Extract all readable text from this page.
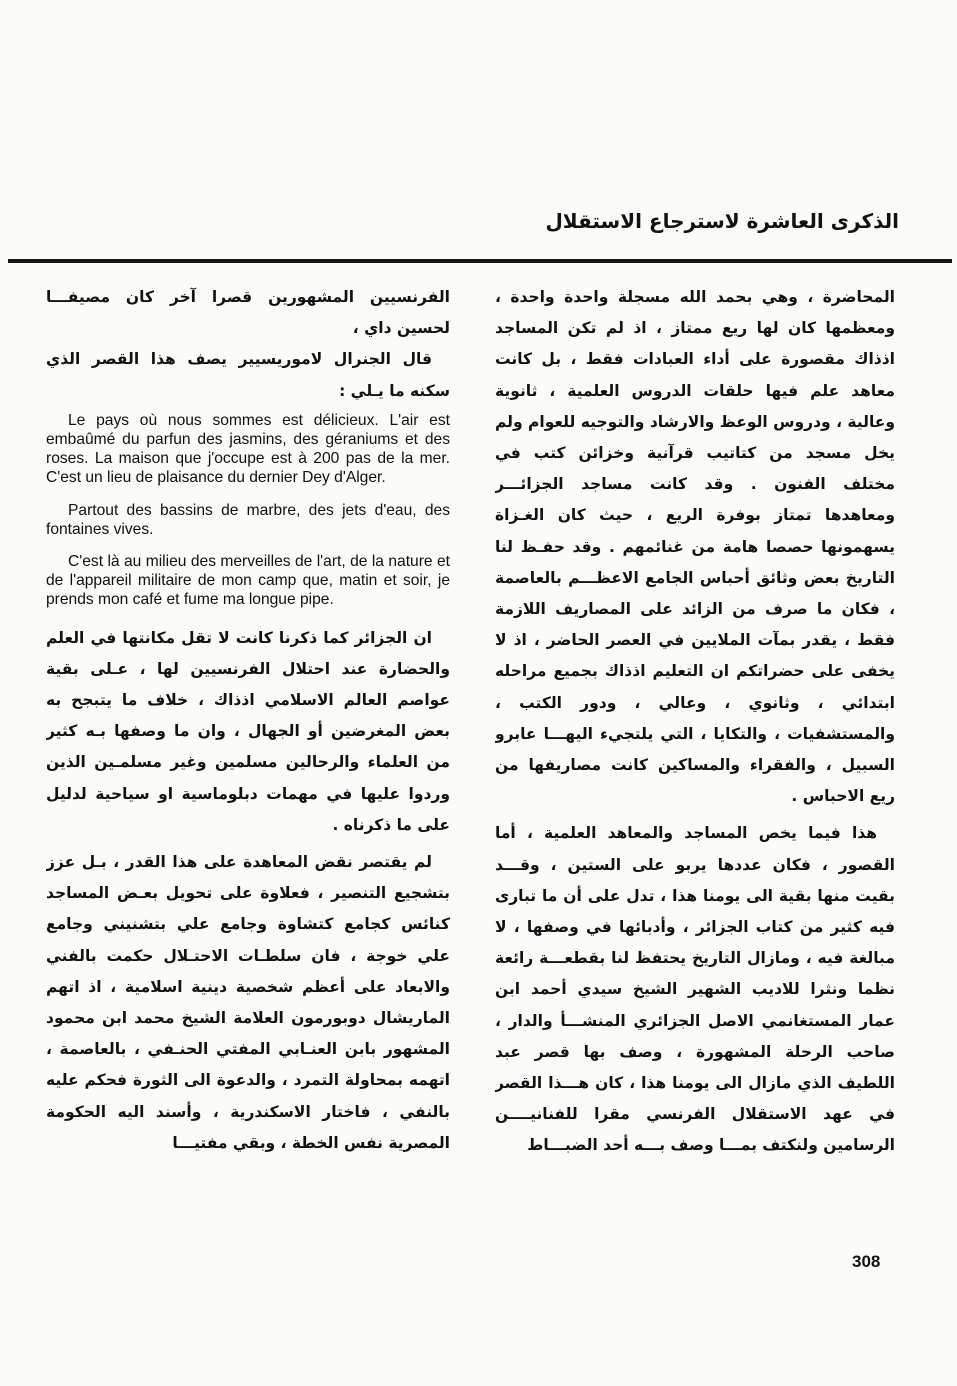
الذكرى العاشرة لاسترجاع الاستقلال

المحاضرة ، وهي بحمد الله مسجلة واحدة واحدة ، ومعظمها كان لها ريع ممتاز ، اذ لم تكن المساجد اذذاك مقصورة على أداء العبادات فقط ، بل كانت معاهد علم فيها حلقات الدروس العلمية ، ثانوية وعالية ، ودروس الوعظ والارشاد والتوجيه للعوام ولم يخل مسجد من كتاتيب قرآنية وخزائن كتب في مختلف الفنون . وقد كانت مساجد الجزائـــر ومعاهدها تمتاز بوفرة الريع ، حيث كان الغـزاة يسهمونها حصصا هامة من غنائمهم . وقد حفـظ لنا التاريخ بعض وثائق أحباس الجامع الاعظـــم بالعاصمة ، فكان ما صرف من الزائد على المصاريف اللازمة فقط ، يقدر بمآت الملايين في العصر الحاضر ، اذ لا يخفى على حضراتكم ان التعليم اذذاك بجميع مراحله ابتدائي ، وثانوي ، وعالي ، ودور الكتب ، والمستشفيات ، والتكايا ، التي يلتجيء اليهـــا عابرو السبيل ، والفقراء والمساكين كانت مصاريفها من ريع الاحباس .

هذا فيما يخص المساجد والمعاهد العلمية ، أما القصور ، فكان عددها يربو على الستين ، وقـــد بقيت منها بقية الى يومنا هذا ، تدل على أن ما تبارى فيه كثير من كتاب الجزائر ، وأدبائها في وصفها ، لا مبالغة فيه ، ومازال التاريخ يحتفظ لنا بقطعـــة رائعة نظما ونثرا للاديب الشهير الشيخ سيدي أحمد ابن عمار المستغانمي الاصل الجزائري المنشـــأ والدار ، صاحب الرحلة المشهورة ، وصف بها قصر عبد اللطيف الذي مازال الى يومنا هذا ، كان هـــذا القصر في عهد الاستقلال الفرنسي مقرا للفنانيــــن الرسامين ولنكتف بمـــا وصف بـــه أحد الضبـــاط

الفرنسيين المشهورين قصرا آخر كان مصيفـــا لحسين داي ،

قال الجنرال لاموريسيير يصف هذا القصر الذي سكنه ما يـلي :

Le pays où nous sommes est délicieux. L'air est embaûmé du parfun des jasmins, des géraniums et des roses. La maison que j'occupe est à 200 pas de la mer. C'est un lieu de plaisance du dernier Dey d'Alger.

Partout des bassins de marbre, des jets d'eau, des fontaines vives.

C'est là au milieu des merveilles de l'art, de la nature et de l'appareil militaire de mon camp que, matin et soir, je prends mon café et fume ma longue pipe.

ان الجزائر كما ذكرنا كانت لا تقل مكانتها في العلم والحضارة عند احتلال الفرنسيين لها ، عـلى بقية عواصم العالم الاسلامي اذذاك ، خلاف ما يتبجح به بعض المغرضين أو الجهال ، وان ما وصفها بـه كثير من العلماء والرحالين مسلمين وغير مسلمـين الذين وردوا عليها في مهمات دبلوماسية او سياحية لدليل على ما ذكرناه .

لم يقتصر نقض المعاهدة على هذا القدر ، بـل عزز بتشجيع التنصير ، فعلاوة على تحويل بعـض المساجد كنائس كجامع كتشاوة وجامع علي بتشنيني وجامع علي خوجة ، فان سلطـات الاحتـلال حكمت بالفني والابعاد على أعظم شخصية دينية اسلامية ، اذ اتهم الماريشال دوبورمون العلامة الشيخ محمد ابن محمود المشهور بابن العنـابي المفتي الحنـفي ، بالعاصمة ، اتهمه بمحاولة التمرد ، والدعوة الى الثورة فحكم عليه بالنفي ، فاختار الاسكندرية ، وأسند اليه الحكومة المصرية نفس الخطة ، وبقي مفتيـــا

308
